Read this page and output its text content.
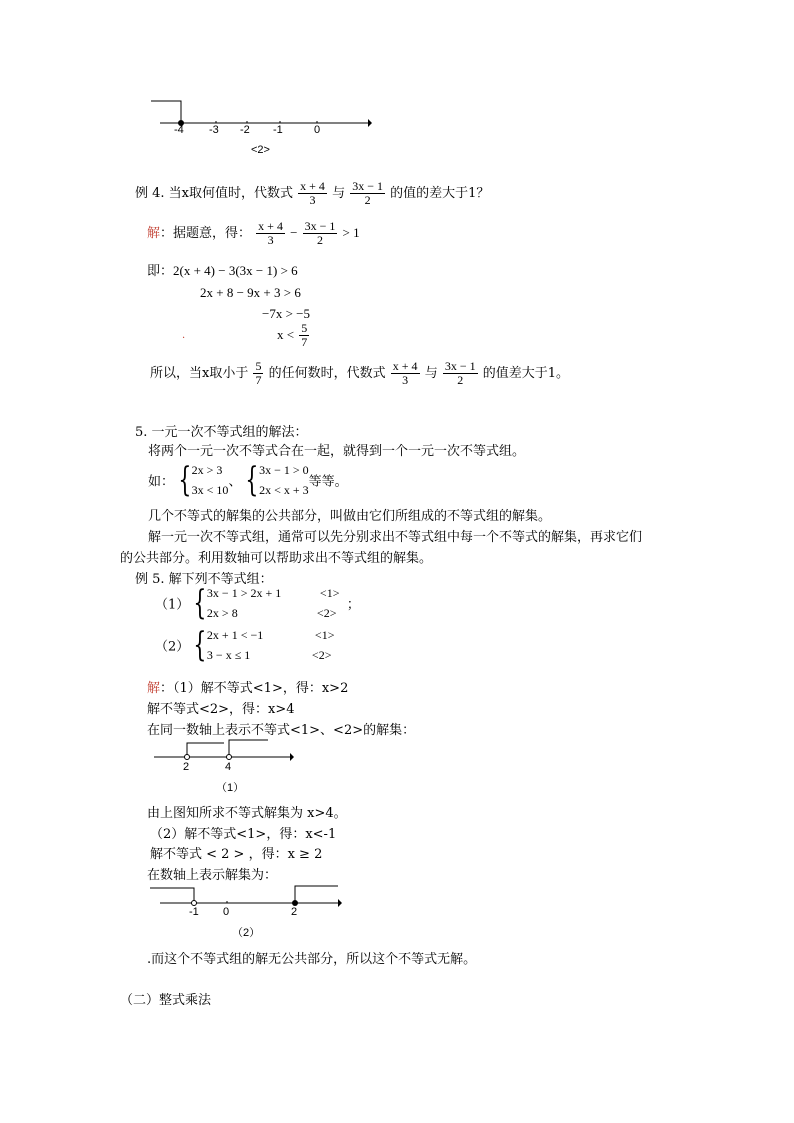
-4 -3 -2 -1	0
<2>
例 4. 当x取何值时，代数式 $\frac{x + 4}{3}$ 与 $\frac{3x - 1}{2}$ 的值的差大于1？
解：据题意，得： $\frac{x + 4}{3} - \frac{3x - 1}{2} > 1$
即：2(x + 4) − 3(3x − 1) > 6
2x + 8 − 9x + 3 > 6
−7x > −5
$x < \frac{5}{7}$
.
所以，当x取小于 $\frac{5}{7}$ 的任何数时，代数式 $\frac{x + 4}{3}$ 与 $\frac{3x - 1}{2}$ 的值差大于1。
5. 一元一次不等式组的解法：
将两个一元一次不等式合在一起，就得到一个一元一次不等式组。
如： { 2x > 3
3x < 10
、 { 3x − 1 > 0
2x < x + 3
等等。
几个不等式的解集的公共部分，叫做由它们所组成的不等式组的解集。
解一元一次不等式组，通常可以先分别求出不等式组中每一个不等式的解集，再求它们
的公共部分。利用数轴可以帮助求出不等式组的解集。
例 5. 解下列不等式组：
（1） { 3x − 1 > 2x + 1	<1>
2x > 8	<2>
；
（2） { 2x + 1 < −1	<1>
3 − x ≤ 1	<2>
解：（1）解不等式<1>，得：x>2
解不等式<2>，得：x>4
在同一数轴上表示不等式<1>、<2>的解集：
2	4
（1）
由上图知所求不等式解集为 x>4。
（2）解不等式<1>，得：x<-1
解不等式 < 2 > ，得：x ≥ 2
在数轴上表示解集为：
-1 0	2
（2）
.而这个不等式组的解无公共部分，所以这个不等式无解。
（二）整式乘法
